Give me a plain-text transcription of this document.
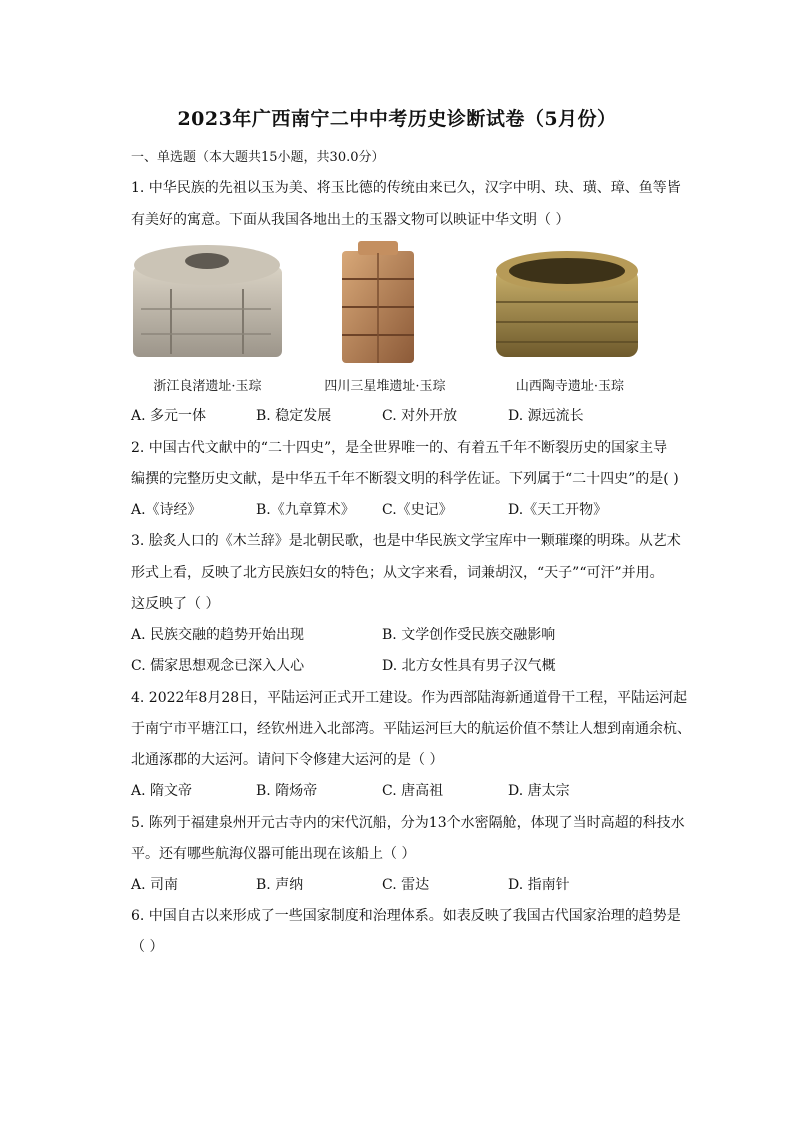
2023年广西南宁二中中考历史诊断试卷（5月份）
一、单选题（本大题共15小题，共30.0分）
1. 中华民族的先祖以玉为美、将玉比德的传统由来已久，汉字中明、玦、璜、璋、鱼等皆
有美好的寓意。下面从我国各地出土的玉器文物可以映证中华文明（ ）
浙江良渚遗址·玉琮	四川三星堆遗址·玉琮	山西陶寺遗址·玉琮
A. 多元一体	B. 稳定发展	C. 对外开放	D. 源远流长
2. 中国古代文献中的“二十四史”，是全世界唯一的、有着五千年不断裂历史的国家主导
编撰的完整历史文献，是中华五千年不断裂文明的科学佐证。下列属于“二十四史”的是( )
A.《诗经》	B.《九章算术》 C.《史记》	D.《天工开物》
3. 脍炙人口的《木兰辞》是北朝民歌，也是中华民族文学宝库中一颗璀璨的明珠。从艺术
形式上看，反映了北方民族妇女的特色；从文字来看，词兼胡汉，“天子”“可汗”并用。
这反映了（ ）
A. 民族交融的趋势开始出现	B. 文学创作受民族交融影响
C. 儒家思想观念已深入人心	D. 北方女性具有男子汉气概
4. 2022年8月28日，平陆运河正式开工建设。作为西部陆海新通道骨干工程，平陆运河起
于南宁市平塘江口，经钦州进入北部湾。平陆运河巨大的航运价值不禁让人想到南通余杭、
北通涿郡的大运河。请问下令修建大运河的是（ ）
A. 隋文帝	B. 隋炀帝	C. 唐高祖	D. 唐太宗
5. 陈列于福建泉州开元古寺内的宋代沉船，分为13个水密隔舱，体现了当时高超的科技水
平。还有哪些航海仪器可能出现在该船上（ ）
A. 司南	B. 声纳	C. 雷达	D. 指南针
6. 中国自古以来形成了一些国家制度和治理体系。如表反映了我国古代国家治理的趋势是
（ ）
